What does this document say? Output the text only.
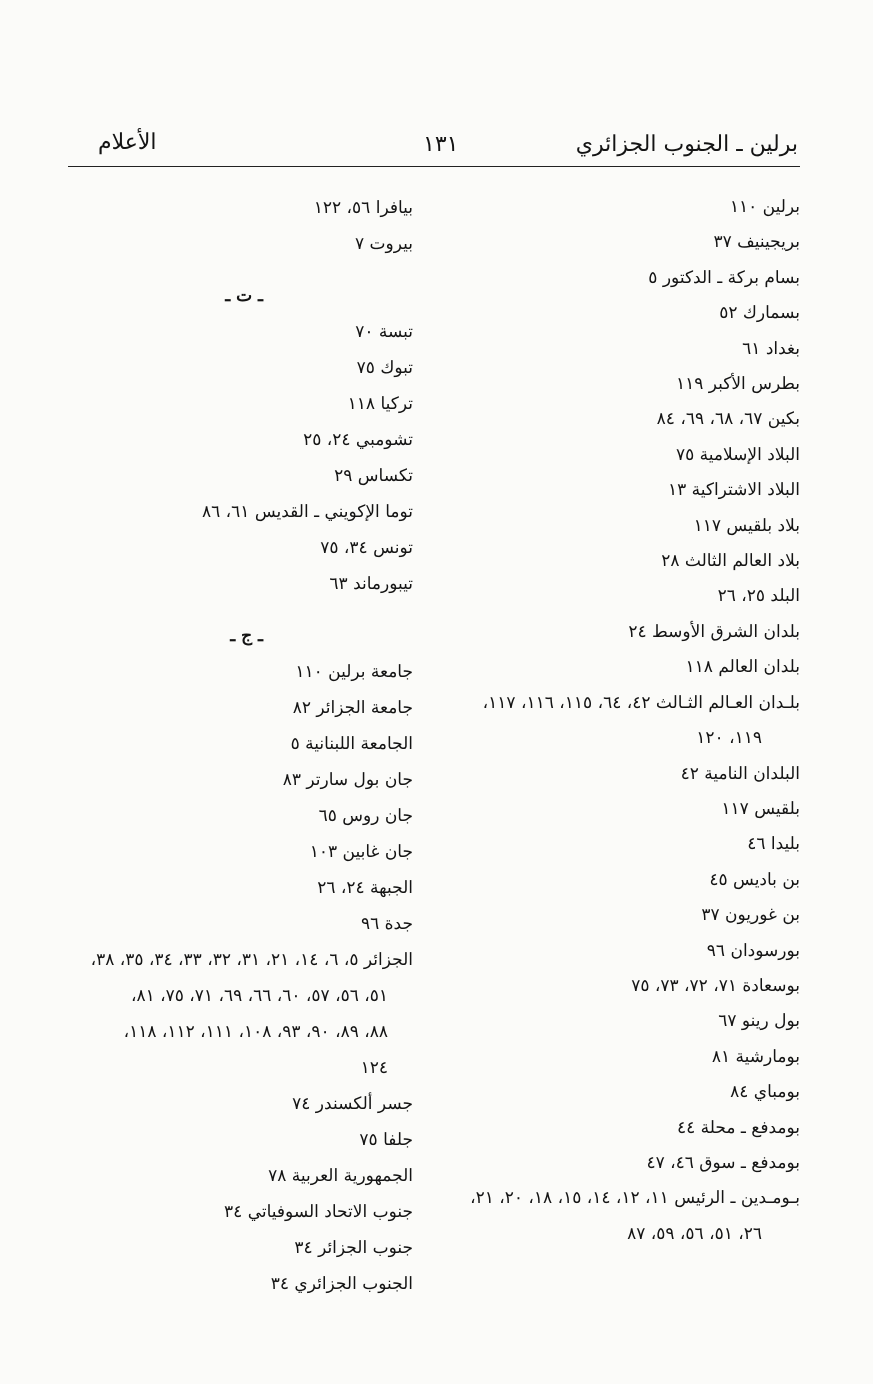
برلين ـ الجنوب الجزائري
١٣١
الأعلام
برلين ١١٠
بريجينيف ٣٧
بسام بركة ـ الدكتور ٥
بسمارك ٥٢
بغداد ٦١
بطرس الأكبر ١١٩
بكين ٦٧، ٦٨، ٦٩، ٨٤
البلاد الإسلامية ٧٥
البلاد الاشتراكية ١٣
بلاد بلقيس ١١٧
بلاد العالم الثالث ٢٨
البلد ٢٥، ٢٦
بلدان الشرق الأوسط ٢٤
بلدان العالم ١١٨
بلـدان العـالم الثـالث ٤٢، ٦٤، ١١٥، ١١٦، ١١٧،
١١٩، ١٢٠
البلدان النامية ٤٢
بلقيس ١١٧
بليدا ٤٦
بن باديس ٤٥
بن غوريون ٣٧
بورسودان ٩٦
بوسعادة ٧١، ٧٢، ٧٣، ٧٥
بول رينو ٦٧
بومارشية ٨١
بومباي ٨٤
بومدفع ـ محلة ٤٤
بومدفع ـ سوق ٤٦، ٤٧
بـومـدين ـ الرئيس ١١، ١٢، ١٤، ١٥، ١٨، ٢٠، ٢١،
٢٦، ٥١، ٥٦، ٥٩، ٨٧
بيافرا ٥٦، ١٢٢
بيروت ٧
ـ ت ـ
تبسة ٧٠
تبوك ٧٥
تركيا ١١٨
تشومبي ٢٤، ٢٥
تكساس ٢٩
توما الإكويني ـ القديس ٦١، ٨٦
تونس ٣٤، ٧٥
تيبورماند ٦٣
ـ ج ـ
جامعة برلين ١١٠
جامعة الجزائر ٨٢
الجامعة اللبنانية ٥
جان بول سارتر ٨٣
جان روس ٦٥
جان غابين ١٠٣
الجبهة ٢٤، ٢٦
جدة ٩٦
الجزائر ٥، ٦، ١٤، ٢١، ٣١، ٣٢، ٣٣، ٣٤، ٣٥، ٣٨،
٥١، ٥٦، ٥٧، ٦٠، ٦٦، ٦٩، ٧١، ٧٥، ٨١،
٨٨، ٨٩، ٩٠، ٩٣، ١٠٨، ١١١، ١١٢، ١١٨،
١٢٤
جسر ألكسندر ٧٤
جلفا ٧٥
الجمهورية العربية ٧٨
جنوب الاتحاد السوفياتي ٣٤
جنوب الجزائر ٣٤
الجنوب الجزائري ٣٤
